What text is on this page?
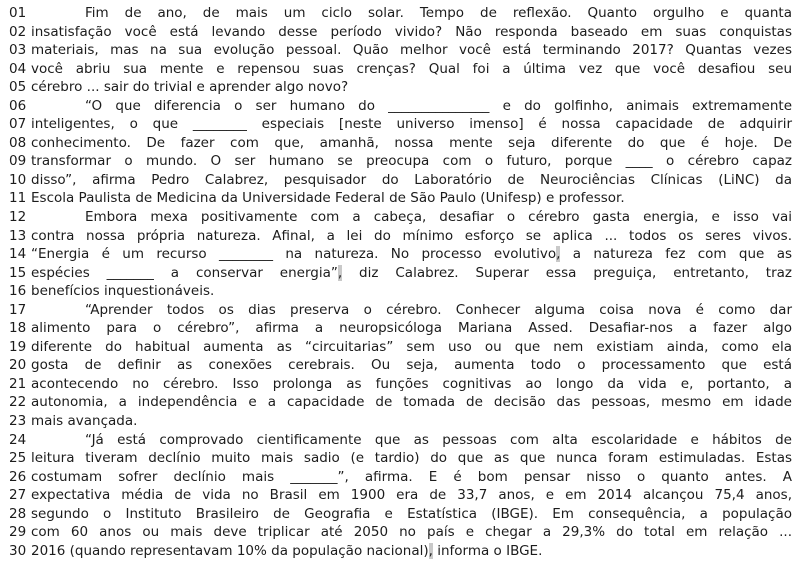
01	Fim de ano, de mais um ciclo solar. Tempo de reflexão. Quanto orgulho e quanta
02 insatisfação você está levando desse período vivido? Não responda baseado em suas conquistas
03 materiais, mas na sua evolução pessoal. Quão melhor você está terminando 2017? Quantas vezes
04 você abriu sua mente e repensou suas crenças? Qual foi a última vez que você desafiou seu
05 cérebro ... sair do trivial e aprender algo novo?
06	“O que diferencia o ser humano do _______________ e do golfinho, animais extremamente
07 inteligentes, o que ________ especiais [neste universo imenso] é nossa capacidade de adquirir
08 conhecimento. De fazer com que, amanhã, nossa mente seja diferente do que é hoje. De
09 transformar o mundo. O ser humano se preocupa com o futuro, porque ____ o cérebro capaz
10 disso”, afirma Pedro Calabrez, pesquisador do Laboratório de Neurociências Clínicas (LiNC) da
11 Escola Paulista de Medicina da Universidade Federal de São Paulo (Unifesp) e professor.
12	Embora mexa positivamente com a cabeça, desafiar o cérebro gasta energia, e isso vai
13 contra nossa própria natureza. Afinal, a lei do mínimo esforço se aplica ... todos os seres vivos.
14 “Energia é um recurso ________ na natureza. No processo evolutivo, a natureza fez com que as
15 espécies _______ a conservar energia”, diz Calabrez. Superar essa preguiça, entretanto, traz
16 benefícios inquestionáveis.
17	“Aprender todos os dias preserva o cérebro. Conhecer alguma coisa nova é como dar
18 alimento para o cérebro”, afirma a neuropsicóloga Mariana Assed. Desafiar-nos a fazer algo
19 diferente do habitual aumenta as “circuitarias” sem uso ou que nem existiam ainda, como ela
20 gosta de definir as conexões cerebrais. Ou seja, aumenta todo o processamento que está
21 acontecendo no cérebro. Isso prolonga as funções cognitivas ao longo da vida e, portanto, a
22 autonomia, a independência e a capacidade de tomada de decisão das pessoas, mesmo em idade
23 mais avançada.
24	“Já está comprovado cientificamente que as pessoas com alta escolaridade e hábitos de
25 leitura tiveram declínio muito mais sadio (e tardio) do que as que nunca foram estimuladas. Estas
26 costumam sofrer declínio mais _______”, afirma. E é bom pensar nisso o quanto antes. A
27 expectativa média de vida no Brasil em 1900 era de 33,7 anos, e em 2014 alcançou 75,4 anos,
28 segundo o Instituto Brasileiro de Geografia e Estatística (IBGE). Em consequência, a população
29 com 60 anos ou mais deve triplicar até 2050 no país e chegar a 29,3% do total em relação ...
30 2016 (quando representavam 10% da população nacional), informa o IBGE.
